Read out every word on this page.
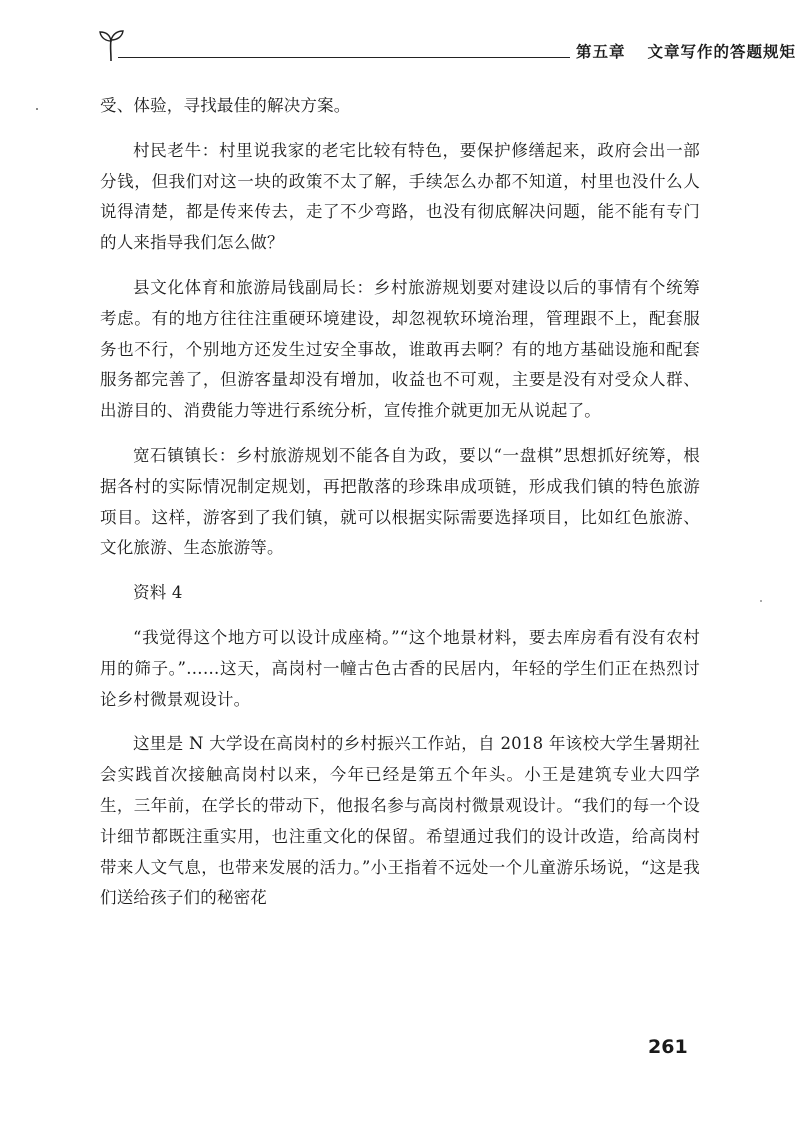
第五章 文章写作的答题规矩

受、体验，寻找最佳的解决方案。

村民老牛：村里说我家的老宅比较有特色，要保护修缮起来，政府会出一部分钱，但我们对这一块的政策不太了解，手续怎么办都不知道，村里也没什么人说得清楚，都是传来传去，走了不少弯路，也没有彻底解决问题，能不能有专门的人来指导我们怎么做？

县文化体育和旅游局钱副局长：乡村旅游规划要对建设以后的事情有个统筹考虑。有的地方往往注重硬环境建设，却忽视软环境治理，管理跟不上，配套服务也不行，个别地方还发生过安全事故，谁敢再去啊？有的地方基础设施和配套服务都完善了，但游客量却没有增加，收益也不可观，主要是没有对受众人群、出游目的、消费能力等进行系统分析，宣传推介就更加无从说起了。

宽石镇镇长：乡村旅游规划不能各自为政，要以“一盘棋”思想抓好统筹，根据各村的实际情况制定规划，再把散落的珍珠串成项链，形成我们镇的特色旅游项目。这样，游客到了我们镇，就可以根据实际需要选择项目，比如红色旅游、文化旅游、生态旅游等。

资料 4

“我觉得这个地方可以设计成座椅。”“这个地景材料，要去库房看有没有农村用的筛子。”……这天，高岗村一幢古色古香的民居内，年轻的学生们正在热烈讨论乡村微景观设计。

这里是 N 大学设在高岗村的乡村振兴工作站，自 2018 年该校大学生暑期社会实践首次接触高岗村以来，今年已经是第五个年头。小王是建筑专业大四学生，三年前，在学长的带动下，他报名参与高岗村微景观设计。“我们的每一个设计细节都既注重实用，也注重文化的保留。希望通过我们的设计改造，给高岗村带来人文气息，也带来发展的活力。”小王指着不远处一个儿童游乐场说，“这是我们送给孩子们的秘密花

261
